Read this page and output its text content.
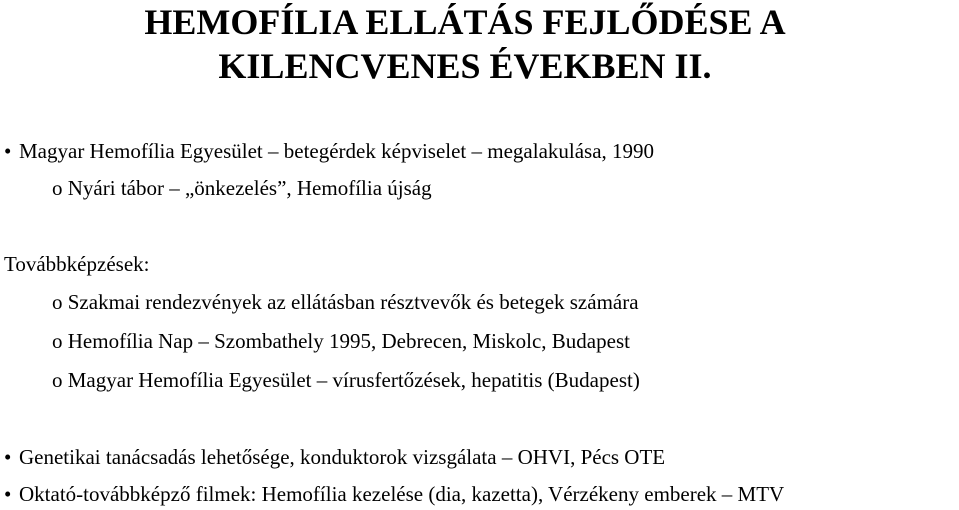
HEMOFÍLIA ELLÁTÁS FEJLŐDÉSE A
KILENCVENES ÉVEKBEN II.
• Magyar Hemofília Egyesület – betegérdek képviselet – megalakulása, 1990
o Nyári tábor – „önkezelés”, Hemofília újság
Továbbképzések:
o Szakmai rendezvények az ellátásban résztvevők és betegek számára
o Hemofília Nap – Szombathely 1995, Debrecen, Miskolc, Budapest
o Magyar Hemofília Egyesület – vírusfertőzések, hepatitis (Budapest)
• Genetikai tanácsadás lehetősége, konduktorok vizsgálata – OHVI, Pécs OTE
• Oktató-továbbképző filmek: Hemofília kezelése (dia, kazetta), Vérzékeny emberek – MTV
